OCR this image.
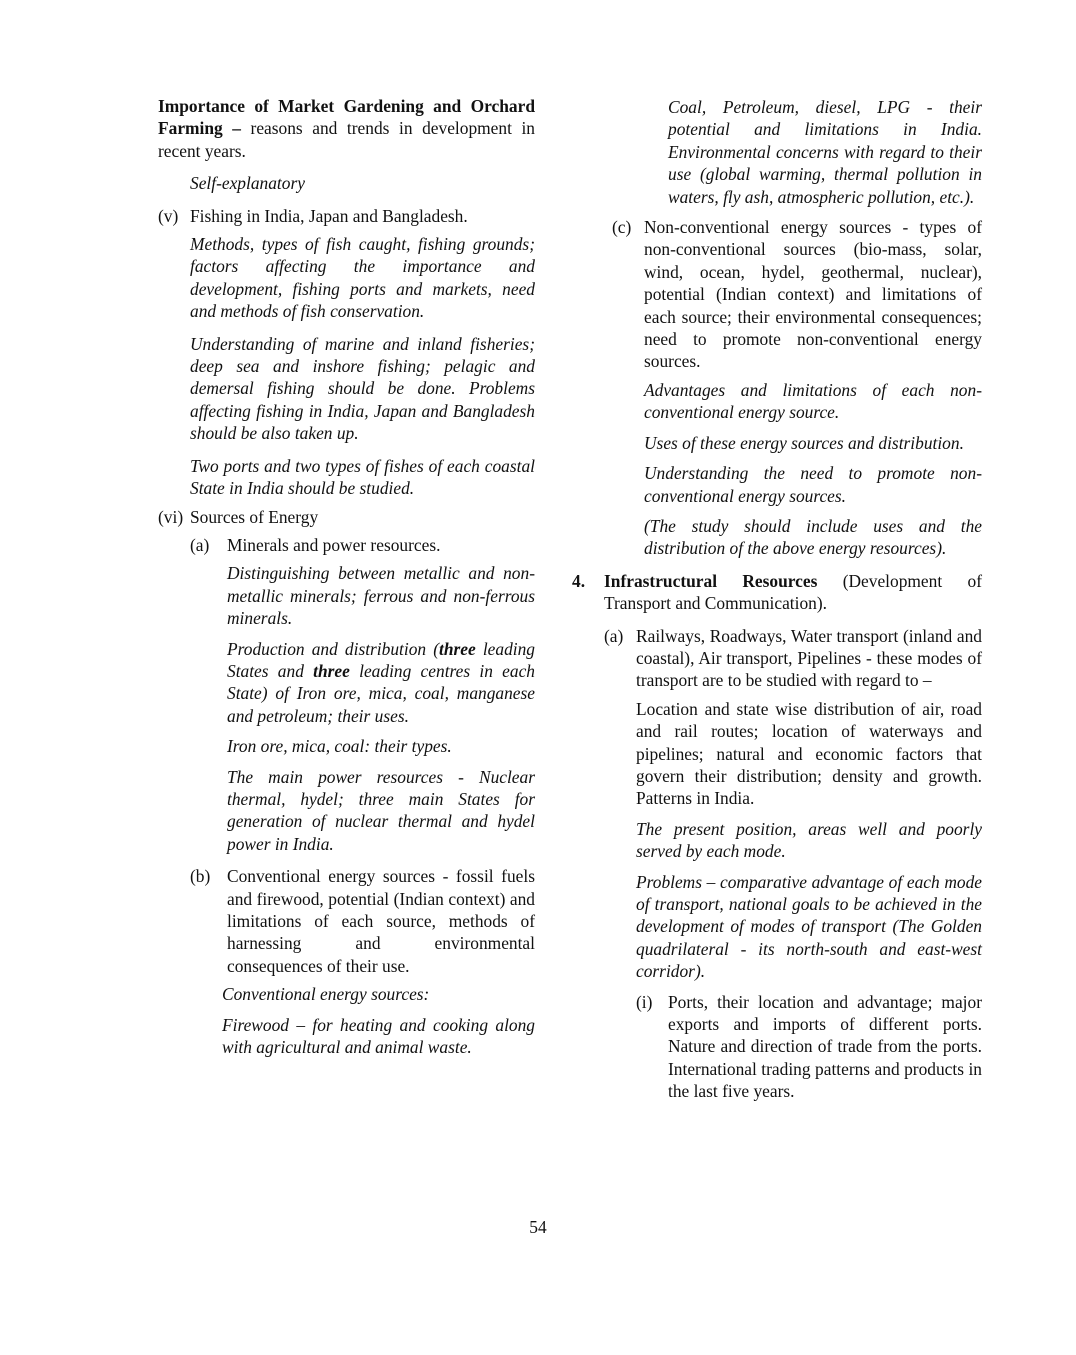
Importance of Market Gardening and Orchard Farming – reasons and trends in development in recent years.

Self-explanatory

(v) Fishing in India, Japan and Bangladesh.

Methods, types of fish caught, fishing grounds; factors affecting the importance and development, fishing ports and markets, need and methods of fish conservation.

Understanding of marine and inland fisheries; deep sea and inshore fishing; pelagic and demersal fishing should be done. Problems affecting fishing in India, Japan and Bangladesh should be also taken up.

Two ports and two types of fishes of each coastal State in India should be studied.

(vi) Sources of Energy
(a)	Minerals and power resources.

Distinguishing between metallic and non-metallic minerals; ferrous and non-ferrous minerals.

Production and distribution (three leading States and three leading centres in each State) of Iron ore, mica, coal, manganese and petroleum; their uses.

Iron ore, mica, coal: their types.

The main power resources - Nuclear thermal, hydel; three main States for generation of nuclear thermal and hydel power in India.

(b) Conventional energy sources - fossil fuels and firewood, potential (Indian context) and limitations of each source, methods of harnessing and environmental consequences of their use.

Conventional energy sources:

Firewood – for heating and cooking along with agricultural and animal waste.

Coal, Petroleum, diesel, LPG - their potential and limitations in India. Environmental concerns with regard to their use (global warming, thermal pollution in waters, fly ash, atmospheric pollution, etc.).

(c) Non-conventional energy sources - types of non-conventional sources (bio-mass, solar, wind, ocean, hydel, geothermal, nuclear), potential (Indian context) and limitations of each source; their environmental consequences; need to promote non-conventional energy sources.

Advantages and limitations of each non-conventional energy source.

Uses of these energy sources and distribution.

Understanding the need to promote non-conventional energy sources.

(The study should include uses and the distribution of the above energy resources).

4.	Infrastructural Resources (Development of Transport and Communication).
(a) Railways, Roadways, Water transport (inland and coastal), Air transport, Pipelines - these modes of transport are to be studied with regard to –

Location and state wise distribution of air, road and rail routes; location of waterways and pipelines; natural and economic factors that govern their distribution; density and growth. Patterns in India.

The present position, areas well and poorly served by each mode.

Problems – comparative advantage of each mode of transport, national goals to be achieved in the development of modes of transport (The Golden quadrilateral - its north-south and east-west corridor).

(i) Ports, their location and advantage; major exports and imports of different ports. Nature and direction of trade from the ports. International trading patterns and products in the last five years.
54
